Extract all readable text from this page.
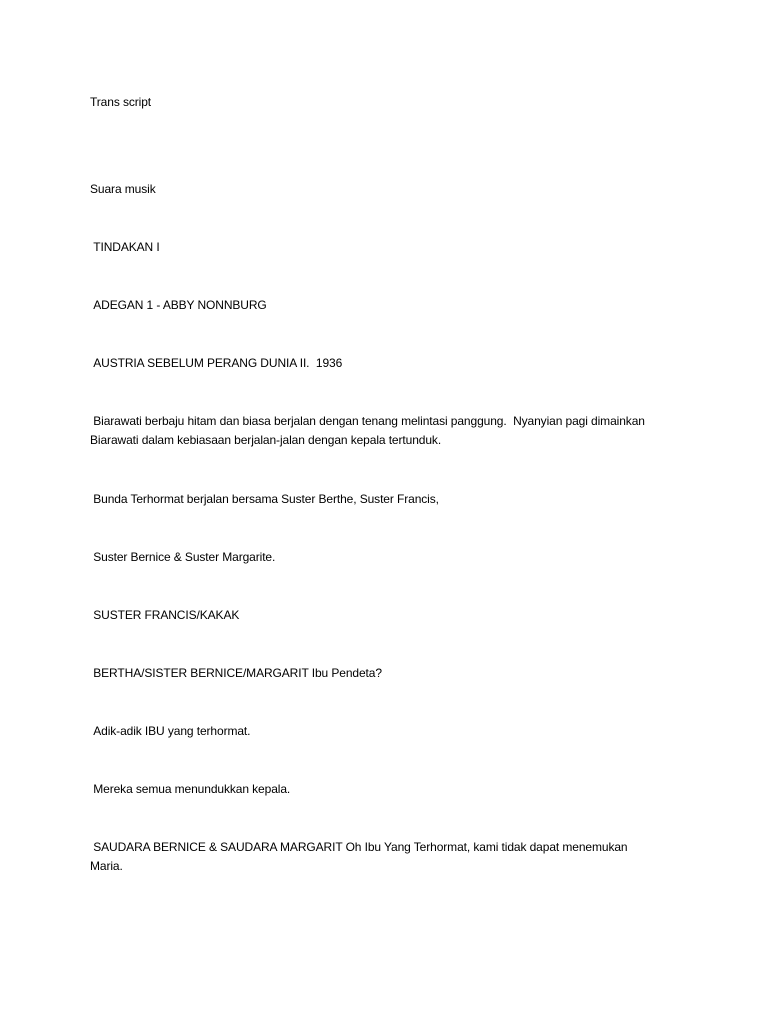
Trans script
Suara musik
TINDAKAN I
ADEGAN 1 - ABBY NONNBURG
AUSTRIA SEBELUM PERANG DUNIA II.  1936
Biarawati berbaju hitam dan biasa berjalan dengan tenang melintasi panggung.  Nyanyian pagi dimainkan   Biarawati dalam kebiasaan berjalan-jalan dengan kepala tertunduk.
Bunda Terhormat berjalan bersama Suster Berthe, Suster Francis,
Suster Bernice & Suster Margarite.
SUSTER FRANCIS/KAKAK
BERTHA/SISTER BERNICE/MARGARIT Ibu Pendeta?
Adik-adik IBU yang terhormat.
Mereka semua menundukkan kepala.
SAUDARA BERNICE & SAUDARA MARGARIT Oh Ibu Yang Terhormat, kami tidak dapat menemukan Maria.
